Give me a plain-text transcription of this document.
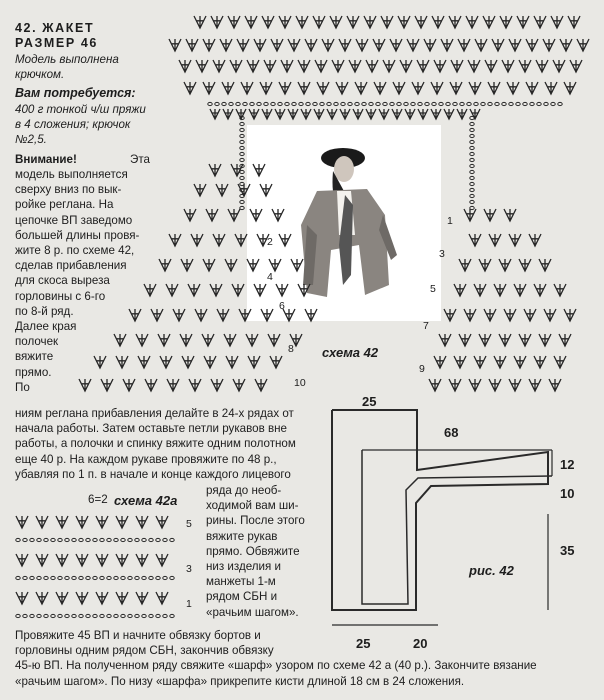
42. ЖАКЕТ
РАЗМЕР 46
Модель выполнена
крючком.
Вам потребуется:
400 г тонкой ч/ш пряжи
в 4 сложения; крючок
№2,5.
Внимание!	Эта
модель выполняется
сверху вниз по вык-
ройке реглана. На
цепочке ВП заведомо
большей длины провя-
жите 8 р. по схеме 42,
сделав прибавления
для скоса выреза
горловины с 6-го
по 8-й ряд.
Далее края
полочек
вяжите
прямо.
По
ниям реглана прибавления делайте в 24-х рядах от
начала работы. Затем оставьте петли рукавов вне
работы, а полочки и спинку вяжите одним полотном
еще 40 р. На каждом рукаве провяжите по 48 р.,
убавляя по 1 п. в начале и конце каждого лицевого
ряда до необ-
ходимой вам ши-
рины. После этого
вяжите рукав
прямо. Обвяжите
низ изделия и
манжеты 1-м
рядом СБН и
«рачьим шагом».
Провяжите 45 ВП и начните обвязку бортов и
горловины одним рядом СБН, закончив обвязку
45-ю ВП. На полученном ряду свяжите «шарф» узором по схеме 42 а (40 р.). Закончите вязание
«рачьим шагом». По низу «шарфа» прикрепите кисти длиной 18 см в 24 сложения.
схема 42
схема 42а
6=2
рис. 42
2
4
6
8
10
1
3
5
7
9
5
3
1
25
68
12
10
35
25	20
